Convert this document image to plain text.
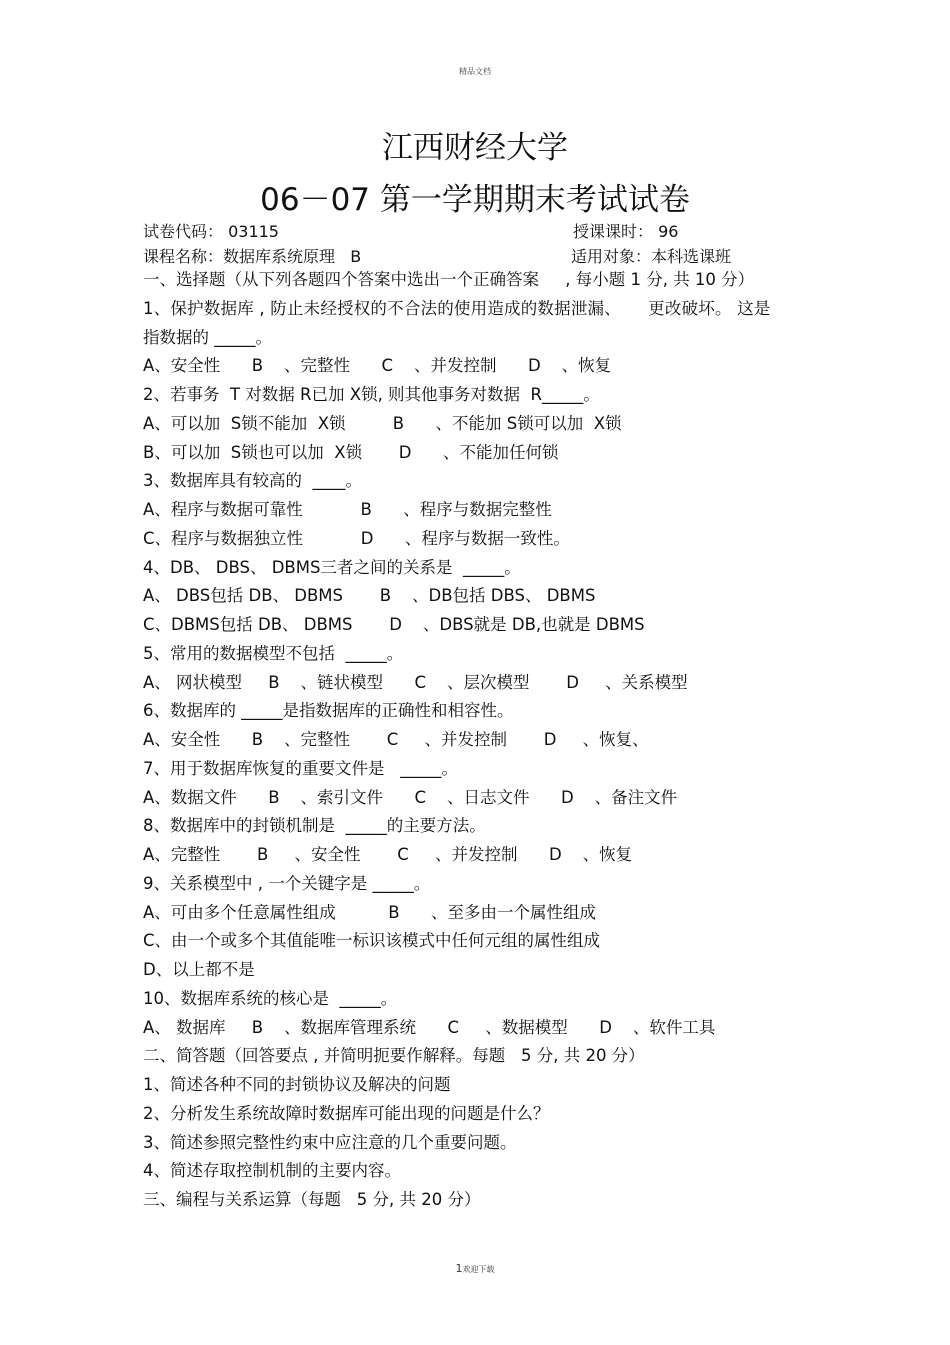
精品文档
江西财经大学
06－07 第一学期期末考试试卷
试卷代码： 03115	授课课时： 96
课程名称：数据库系统原理   B	适用对象：本科选课班
一、选择题（从下列各题四个答案中选出一个正确答案     , 每小题 1 分, 共 10 分）
1、保护数据库 , 防止未经授权的不合法的使用造成的数据泄漏、     更改破坏。 这是
指数据的 _____。
A、安全性      B    、完整性      C    、并发控制      D    、恢复
2、若事务  T 对数据 R已加 X锁, 则其他事务对数据  R_____。
A、可以加  S锁不能加  X锁         B      、不能加 S锁可以加  X锁
B、可以加  S锁也可以加  X锁       D      、不能加任何锁
3、数据库具有较高的  ____。
A、程序与数据可靠性           B      、程序与数据完整性
C、程序与数据独立性           D      、程序与数据一致性。
4、DB、 DBS、 DBMS三者之间的关系是  _____。
A、 DBS包括 DB、 DBMS       B    、DB包括 DBS、 DBMS
C、DBMS包括 DB、 DBMS       D    、DBS就是 DB,也就是 DBMS
5、常用的数据模型不包括  _____。
A、 网状模型     B    、链状模型      C    、层次模型       D     、关系模型
6、数据库的 _____是指数据库的正确性和相容性。
A、安全性      B    、完整性       C     、并发控制       D     、恢复、
7、用于数据库恢复的重要文件是   _____。
A、数据文件      B    、索引文件      C    、日志文件      D    、备注文件
8、数据库中的封锁机制是  _____的主要方法。
A、完整性       B     、安全性       C     、并发控制      D    、恢复
9、关系模型中 , 一个关键字是 _____。
A、可由多个任意属性组成          B      、至多由一个属性组成
C、由一个或多个其值能唯一标识该模式中任何元组的属性组成
D、以上都不是
10、数据库系统的核心是  _____。
A、 数据库     B    、数据库管理系统      C     、数据模型      D    、软件工具
二、简答题（回答要点 , 并简明扼要作解释。每题   5 分, 共 20 分）
1、简述各种不同的封锁协议及解决的问题
2、分析发生系统故障时数据库可能出现的问题是什么？
3、简述参照完整性约束中应注意的几个重要问题。
4、简述存取控制机制的主要内容。
三、编程与关系运算（每题   5 分, 共 20 分）
1欢迎下载
